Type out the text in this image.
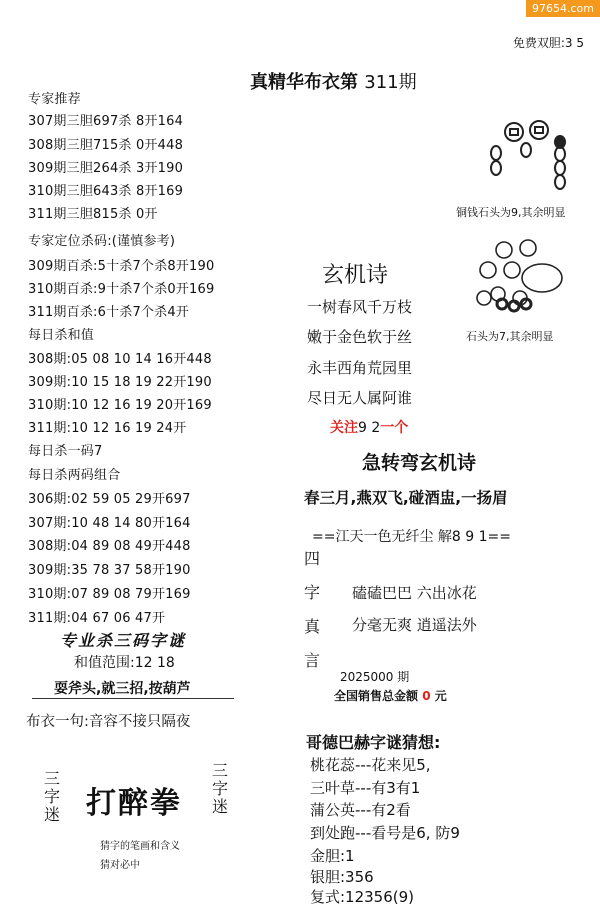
97654.com
免费双胆:3 5
真精华布衣第 311期
专家推荐
307期三胆697杀 8开164
308期三胆715杀 0开448
309期三胆264杀 3开190
310期三胆643杀 8开169
311期三胆815杀 0开
专家定位杀码:(谨慎参考)
309期百杀:5十杀7个杀8开190
310期百杀:9十杀7个杀0开169
311期百杀:6十杀7个杀4开
每日杀和值
308期:05 08 10 14 16开448
309期:10 15 18 19 22开190
310期:10 12 16 19 20开169
311期:10 12 16 19 24开
每日杀一码7
每日杀两码组合
306期:02 59 05 29开697
307期:10 48 14 80开164
308期:04 89 08 49开448
309期:35 78 37 58开190
310期:07 89 08 79开169
311期:04 67 06 47开
专业杀三码字谜
和值范围:12 18
耍斧头,就三招,按葫芦
布衣一句:音容不接只隔夜
三字迷 打醉拳
三字迷
猜字的笔画和含义
猜对必中
铜钱石头为9,其余明显
石头为7,其余明显
玄机诗
一树春风千万枝
嫩于金色软于丝
永丰西角荒园里
尽日无人属阿谁
关注9 2一个
急转弯玄机诗
春三月,燕双飞,碰酒盅,一扬眉
==江天一色无纤尘 解8 9 1==
四
字
真
言
磕磕巴巴 六出冰花
分毫无爽 逍遥法外
2025000 期
全国销售总金额 0 元
哥德巴赫字谜猜想:
桃花蕊---花来见5,
三叶草---有3有1
蒲公英---有2看
到处跑---看号是6, 防9
金胆:1
银胆:356
复式:12356(9)
